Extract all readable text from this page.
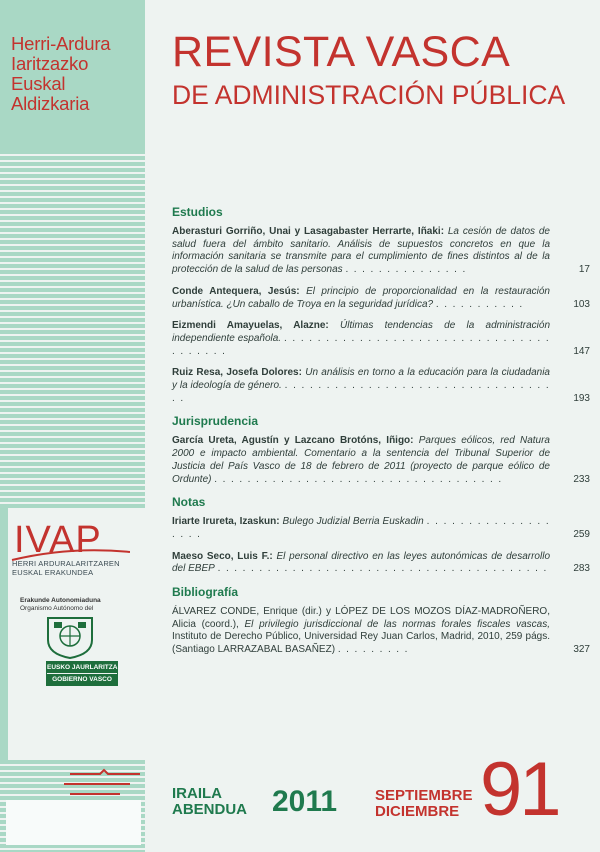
Herri-Ardura
Iaritzazko
Euskal
Aldizkaria
IVAP
HERRI ARDURALARITZAREN
EUSKAL ERAKUNDEA
Erakunde Autonomiaduna
Organismo Autónomo del
EUSKO JAURLARITZA
GOBIERNO VASCO
REVISTA VASCA
DE ADMINISTRACIÓN PÚBLICA
Estudios
Aberasturi Gorriño, Unai y Lasagabaster Herrarte, Iñaki: La cesión de datos de salud fuera del ámbito sanitario. Análisis de supuestos concretos en que la información sanitaria se transmite para el cumplimiento de fines distintos al de la protección de la salud de las personas . . . . . . . . . . . . . . .	17
Conde Antequera, Jesús: El principio de proporcionalidad en la restauración urbanística. ¿Un caballo de Troya en la seguridad jurídica? . . . . . . . . . . .	103
Eizmendi Amayuelas, Alazne: Últimas tendencias de la administración independiente española. . . . . . . . . . . . . . . . . . . . . . . . . . . . . . . . . . . . . . . .	147
Ruiz Resa, Josefa Dolores: Un análisis en torno a la educación para la ciudadania y la ideología de género. . . . . . . . . . . . . . . . . . . . . . . . . . . . . . . . . . .	193
Jurisprudencia
García Ureta, Agustín y Lazcano Brotóns, Iñigo: Parques eólicos, red Natura 2000 e impacto ambiental. Comentario a la sentencia del Tribunal Superior de Justicia del País Vasco de 18 de febrero de 2011 (proyecto de parque eólico de Ordunte) . . . . . . . . . . . . . . . . . . . . . . . . . . . . . . . . . . .	233
Notas
Iriarte Irureta, Izaskun: Bulego Judizial Berria Euskadin . . . . . . . . . . . . . . . . . . .	259
Maeso Seco, Luis F.: El personal directivo en las leyes autonómicas de desarrollo del EBEP . . . . . . . . . . . . . . . . . . . . . . . . . . . . . . . . . . . . . . . .	283
Bibliografía
ÁLVAREZ CONDE, Enrique (dir.) y LÓPEZ DE LOS MOZOS DÍAZ-MADROÑERO, Alicia (coord.), El privilegio jurisdiccional de las normas forales fiscales vascas, Instituto de Derecho Público, Universidad Rey Juan Carlos, Madrid, 2010, 259 págs. (Santiago LARRAZABAL BASAÑEZ) . . . . . . . . .	327
IRAILA
ABENDUA 2011	SEPTIEMBRE
DICIEMBRE 91
